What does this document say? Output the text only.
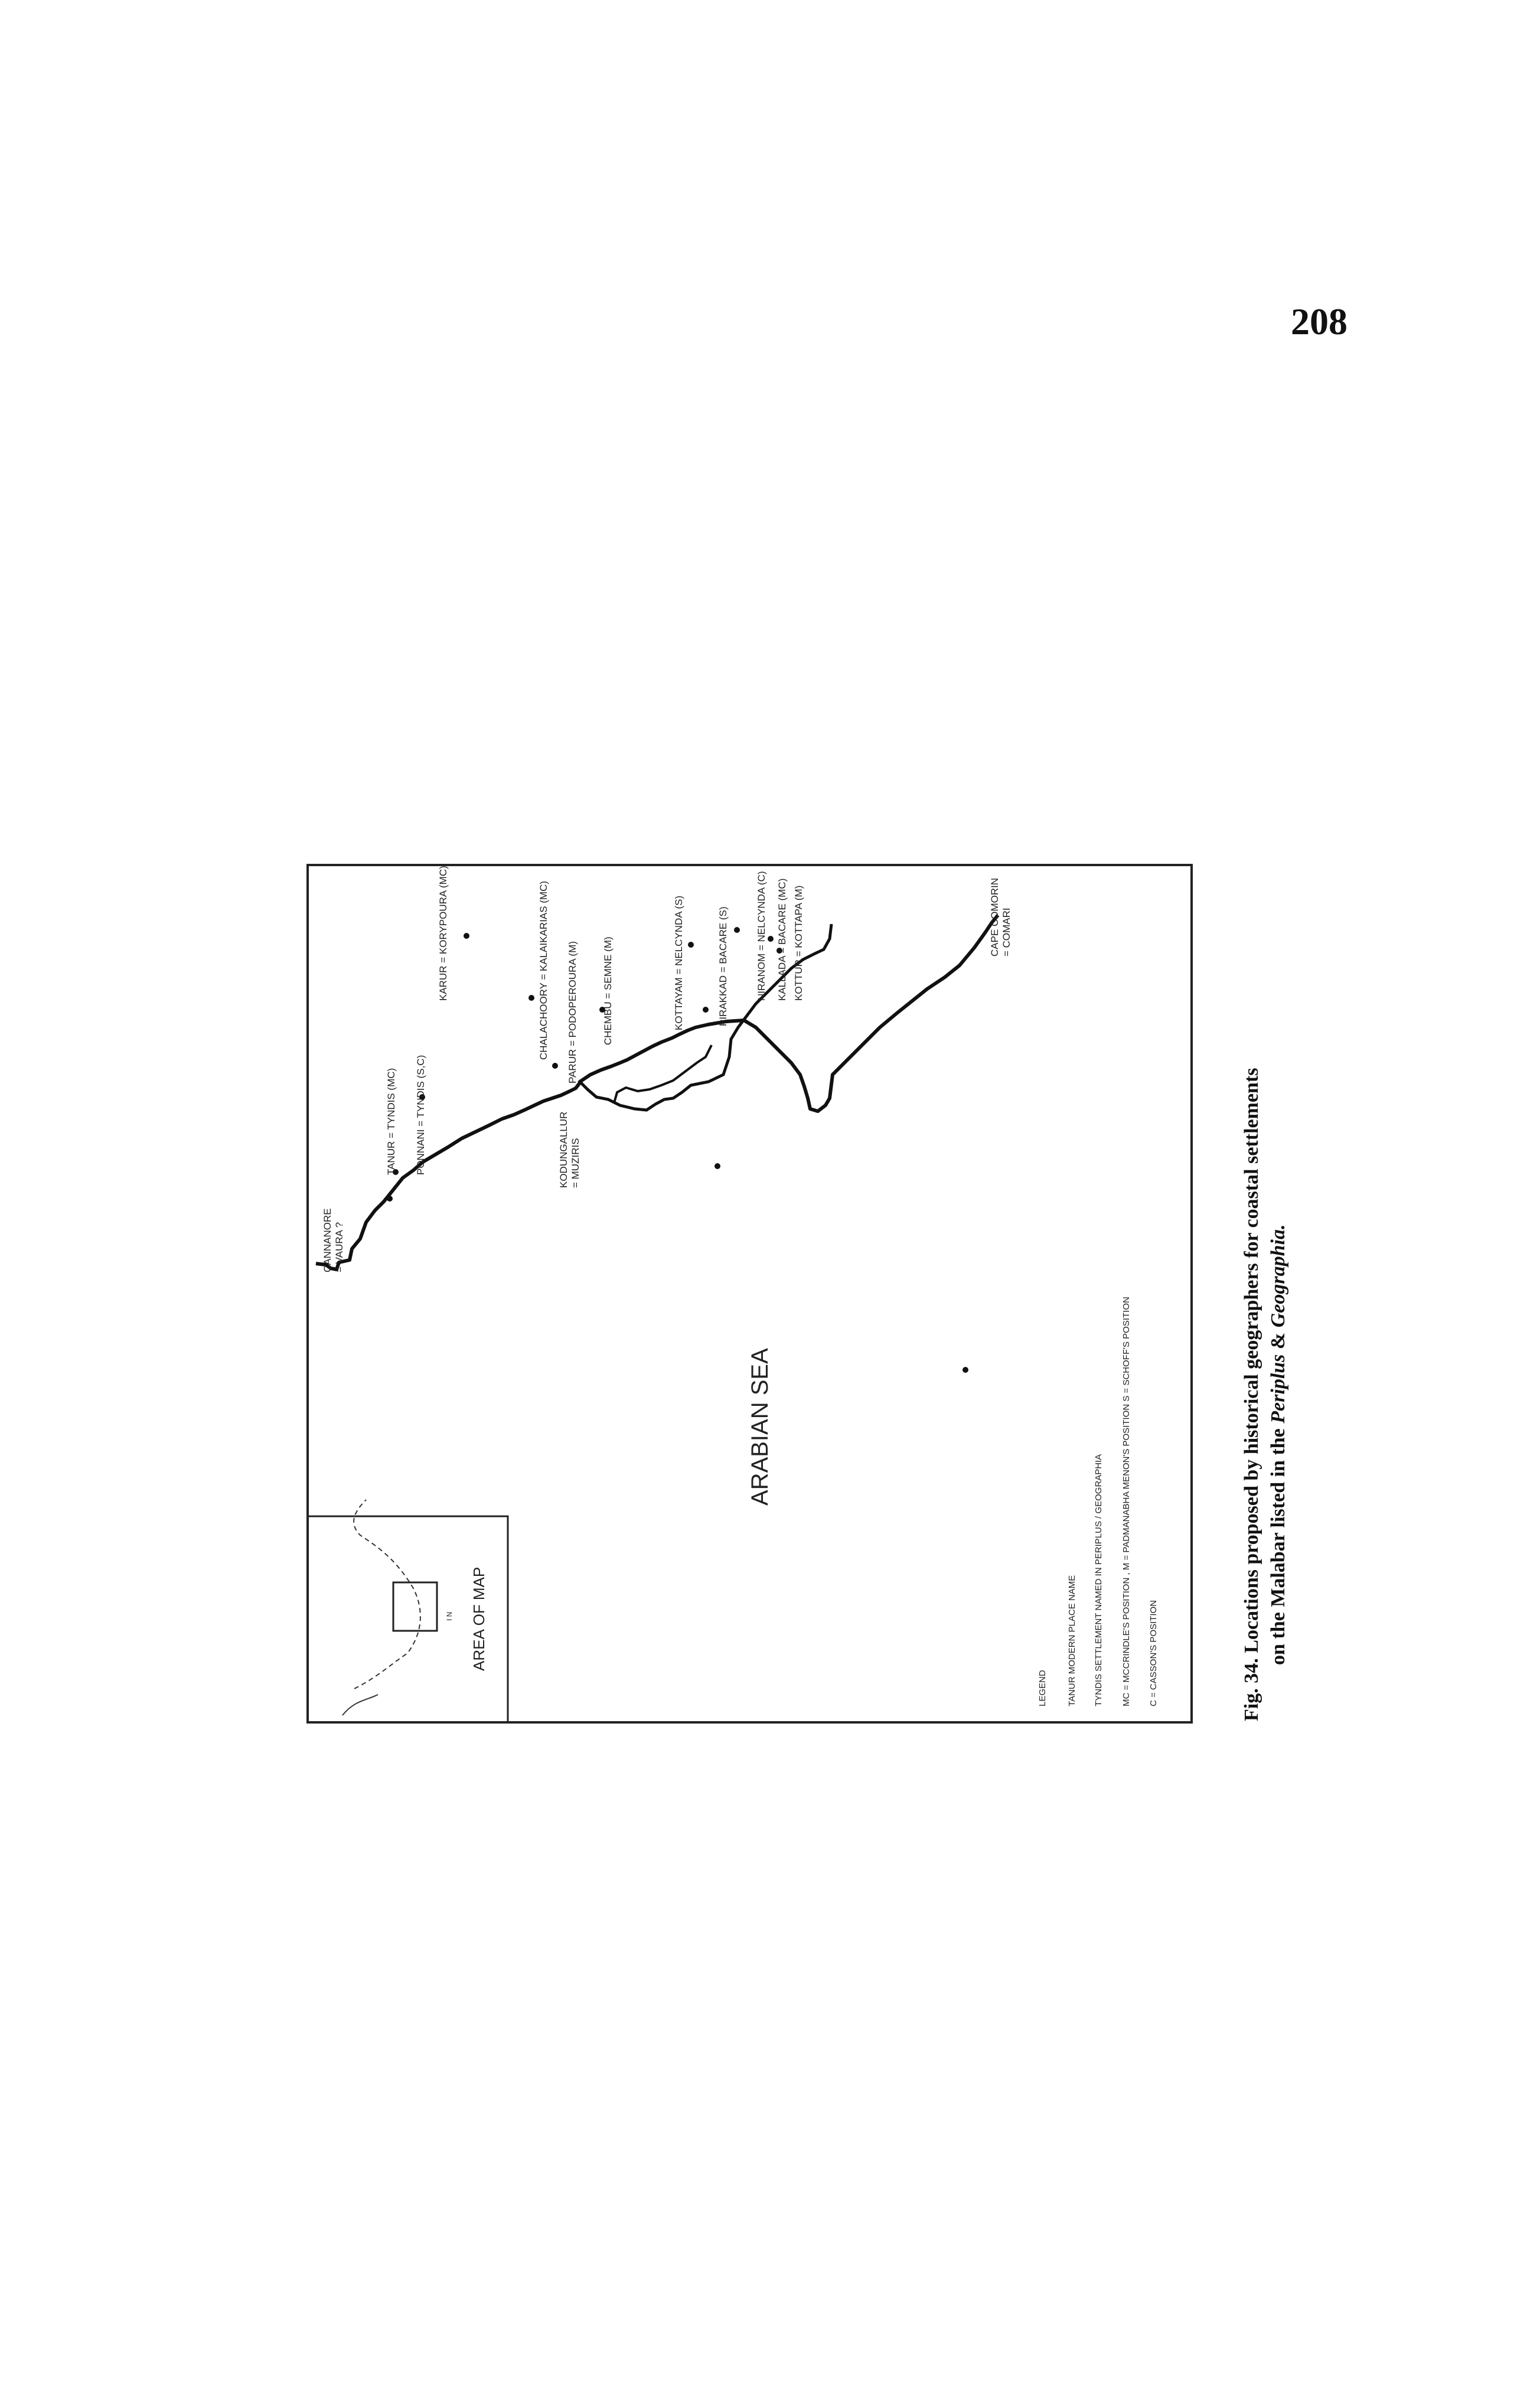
208
AREA OF MAP
I N
CANNANORE = VAURA ?
TANUR = TYNDIS (MC) PONNANI = TYNDIS (S,C)
KARUR = KORYPOURA (MC)	CHALACHOORY = KALAIKARIAS (MC) PARUR = PODOPEROURA (M) CHEMBU = SEMNE (M)
KODUNGALLUR = MUZIRIS
KOTTAYAM = NELCYNDA (S)	PIRAKKAD = BACARE (S)	NIRANOM = NELCYNDA (C) KALLADA = BACARE (MC) KOTTUR = KOTTAPA (M)	CAPE COMORIN = COMARI
ARABIAN SEA
LEGEND TANUR MODERN PLACE NAME TYNDIS SETTLEMENT NAMED IN PERIPLUS / GEOGRAPHIA MC = MCCRINDLE'S POSITION , M = PADMANABHA MENON'S POSITION S = SCHOFF'S POSITION C = CASSON'S POSITION	Fig. 34. Locations proposed by historical geographers for coastal settlements on the Malabar listed in the Periplus & Geographia.
